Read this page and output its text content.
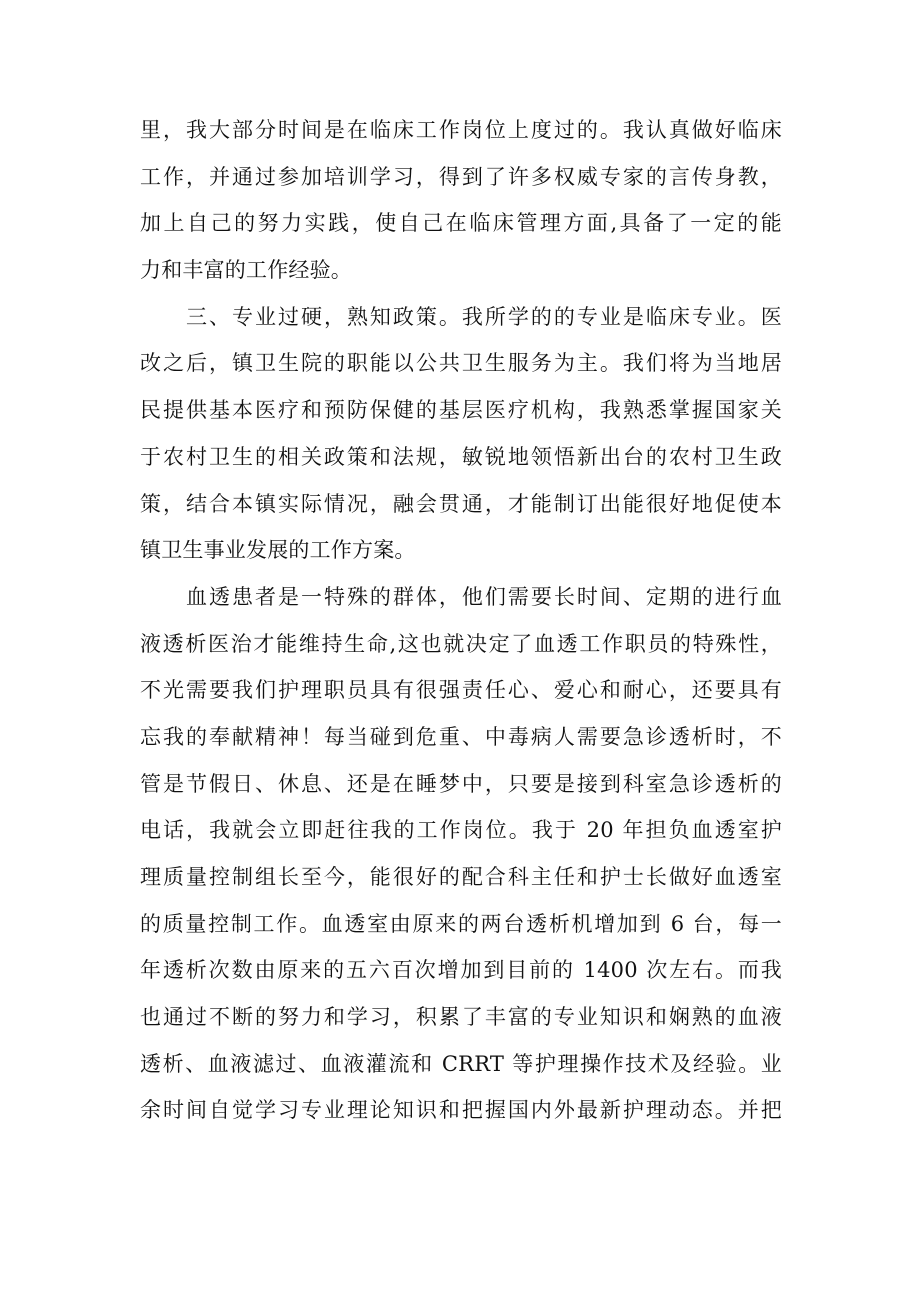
里，我大部分时间是在临床工作岗位上度过的。我认真做好临床
工作，并通过参加培训学习，得到了许多权威专家的言传身教，
加上自己的努力实践，使自己在临床管理方面,具备了一定的能
力和丰富的工作经验。
三、专业过硬，熟知政策。我所学的的专业是临床专业。医
改之后，镇卫生院的职能以公共卫生服务为主。我们将为当地居
民提供基本医疗和预防保健的基层医疗机构，我熟悉掌握国家关
于农村卫生的相关政策和法规，敏锐地领悟新出台的农村卫生政
策，结合本镇实际情况，融会贯通，才能制订出能很好地促使本
镇卫生事业发展的工作方案。
血透患者是一特殊的群体，他们需要长时间、定期的进行血
液透析医治才能维持生命,这也就决定了血透工作职员的特殊性，
不光需要我们护理职员具有很强责任心、爱心和耐心，还要具有
忘我的奉献精神！每当碰到危重、中毒病人需要急诊透析时，不
管是节假日、休息、还是在睡梦中，只要是接到科室急诊透析的
电话，我就会立即赶往我的工作岗位。我于 20 年担负血透室护
理质量控制组长至今，能很好的配合科主任和护士长做好血透室
的质量控制工作。血透室由原来的两台透析机增加到 6 台，每一
年透析次数由原来的五六百次增加到目前的 1400 次左右。而我
也通过不断的努力和学习，积累了丰富的专业知识和娴熟的血液
透析、血液滤过、血液灌流和 CRRT 等护理操作技术及经验。业
余时间自觉学习专业理论知识和把握国内外最新护理动态。并把
